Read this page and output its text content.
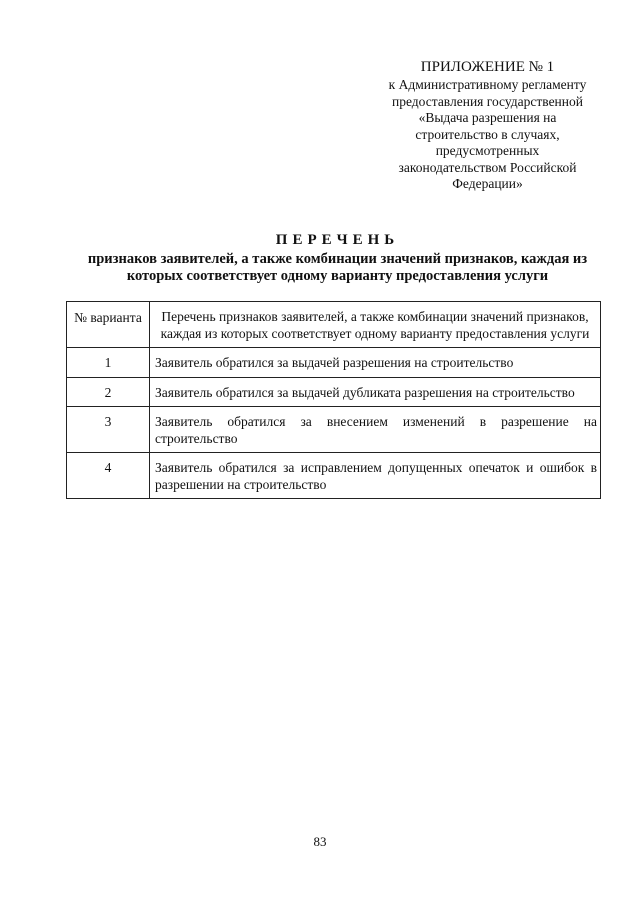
ПРИЛОЖЕНИЕ № 1
к Административному регламенту
предоставления государственной
«Выдача разрешения на
строительство в случаях,
предусмотренных
законодательством Российской
Федерации»
ПЕРЕЧЕНЬ
признаков заявителей, а также комбинации значений признаков, каждая из
которых соответствует одному варианту предоставления услуги
№ варианта	Перечень признаков заявителей, а также комбинации значений признаков, каждая из которых соответствует одному варианту предоставления услуги
1	Заявитель обратился за выдачей разрешения на строительство
2	Заявитель обратился за выдачей дубликата разрешения на строительство
3	Заявитель обратился за внесением изменений в разрешение на строительство
4	Заявитель обратился за исправлением допущенных опечаток и ошибок в разрешении на строительство
83
